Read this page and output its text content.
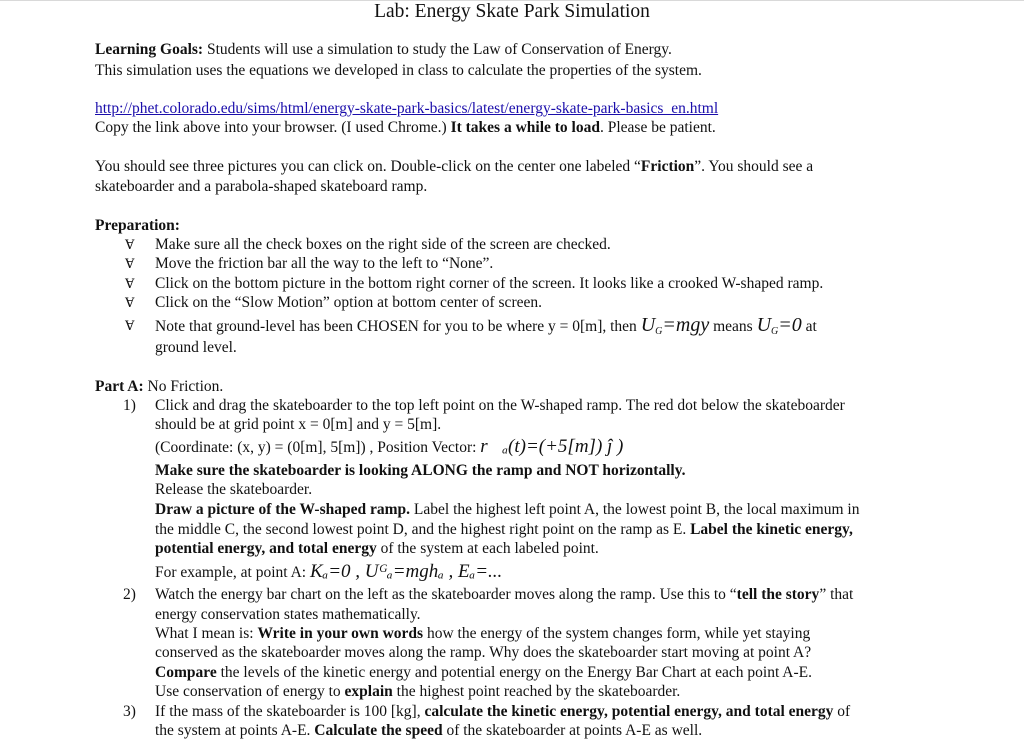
Lab: Energy Skate Park Simulation
Learning Goals: Students will use a simulation to study the Law of Conservation of Energy.
This simulation uses the equations we developed in class to calculate the properties of the system.
http://phet.colorado.edu/sims/html/energy-skate-park-basics/latest/energy-skate-park-basics_en.html
Copy the link above into your browser. (I used Chrome.) It takes a while to load. Please be patient.
You should see three pictures you can click on. Double-click on the center one labeled “Friction”. You should see a
skateboarder and a parabola-shaped skateboard ramp.
Preparation:
Ɐ Make sure all the check boxes on the right side of the screen are checked.
Ɐ Move the friction bar all the way to the left to “None”.
Ɐ Click on the bottom picture in the bottom right corner of the screen. It looks like a crooked W-shaped ramp.
Ɐ Click on the “Slow Motion” option at bottom center of screen.
Ɐ Note that ground-level has been CHOSEN for you to be where y = 0[m], then $U_G=mgy$ means $U_G=0$ at
ground level.
Part A: No Friction.
1) Click and drag the skateboarder to the top left point on the W-shaped ramp. The red dot below the skateboarder
should be at grid point x = 0[m] and y = 5[m].
(Coordinate: (x, y) = (0[m], 5[m]) , Position Vector: r⃗ₐ(t)=(+5[m]) ĵ )
Make sure the skateboarder is looking ALONG the ramp and NOT horizontally.
Release the skateboarder.
Draw a picture of the W-shaped ramp. Label the highest left point A, the lowest point B, the local maximum in
the middle C, the second lowest point D, and the highest right point on the ramp as E. Label the kinetic energy,
potential energy, and total energy of the system at each labeled point.
For example, at point A: Kₐ=0 , Uᴳₐ=mghₐ , Eₐ=...
2) Watch the energy bar chart on the left as the skateboarder moves along the ramp. Use this to “tell the story” that
energy conservation states mathematically.
What I mean is: Write in your own words how the energy of the system changes form, while yet staying
conserved as the skateboarder moves along the ramp. Why does the skateboarder start moving at point A?
Compare the levels of the kinetic energy and potential energy on the Energy Bar Chart at each point A-E.
Use conservation of energy to explain the highest point reached by the skateboarder.
3) If the mass of the skateboarder is 100 [kg], calculate the kinetic energy, potential energy, and total energy of
the system at points A-E. Calculate the speed of the skateboarder at points A-E as well.
